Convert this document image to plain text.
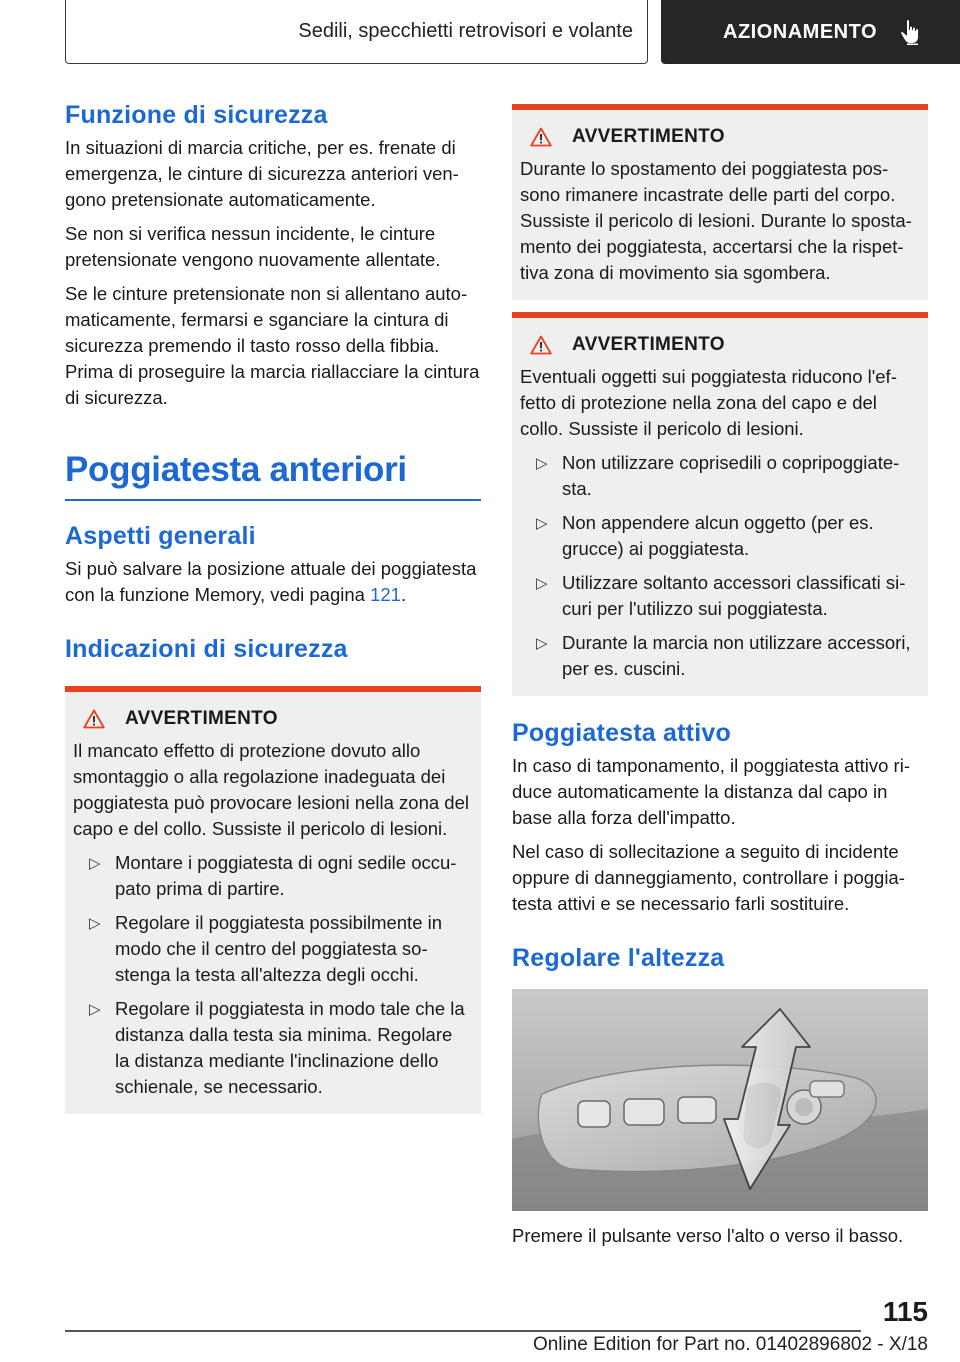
Sedili, specchietti retrovisori e volante	AZIONAMENTO
Funzione di sicurezza

In situazioni di marcia critiche, per es. frenate di emergenza, le cinture di sicurezza anteriori vengono pretensionate automaticamente.

Se non si verifica nessun incidente, le cinture pretensionate vengono nuovamente allentate.

Se le cinture pretensionate non si allentano automaticamente, fermarsi e sganciare la cintura di sicurezza premendo il tasto rosso della fibbia. Prima di proseguire la marcia riallacciare la cintura di sicurezza.

Poggiatesta anteriori
Aspetti generali

Si può salvare la posizione attuale dei poggiatesta con la funzione Memory, vedi pagina 121.

Indicazioni di sicurezza
AVVERTIMENTO

Il mancato effetto di protezione dovuto allo smontaggio o alla regolazione inadeguata dei poggiatesta può provocare lesioni nella zona del capo e del collo. Sussiste il pericolo di lesioni.

▷ Montare i poggiatesta di ogni sedile occupato prima di partire.
▷ Regolare il poggiatesta possibilmente in modo che il centro del poggiatesta sostenga la testa all'altezza degli occhi.
▷ Regolare il poggiatesta in modo tale che la distanza dalla testa sia minima. Regolare la distanza mediante l'inclinazione dello schienale, se necessario.
AVVERTIMENTO

Durante lo spostamento dei poggiatesta possono rimanere incastrate delle parti del corpo. Sussiste il pericolo di lesioni. Durante lo spostamento dei poggiatesta, accertarsi che la rispettiva zona di movimento sia sgombera.

AVVERTIMENTO

Eventuali oggetti sui poggiatesta riducono l'effetto di protezione nella zona del capo e del collo. Sussiste il pericolo di lesioni.

▷ Non utilizzare coprisedili o copripoggiatesta.
▷ Non appendere alcun oggetto (per es. grucce) ai poggiatesta.
▷ Utilizzare soltanto accessori classificati sicuri per l'utilizzo sui poggiatesta.
▷ Durante la marcia non utilizzare accessori, per es. cuscini.
Poggiatesta attivo

In caso di tamponamento, il poggiatesta attivo riduce automaticamente la distanza dal capo in base alla forza dell'impatto.

Nel caso di sollecitazione a seguito di incidente oppure di danneggiamento, controllare i poggiatesta attivi e se necessario farli sostituire.

Regolare l'altezza

Premere il pulsante verso l'alto o verso il basso.

115
Online Edition for Part no. 01402896802 - X/18
